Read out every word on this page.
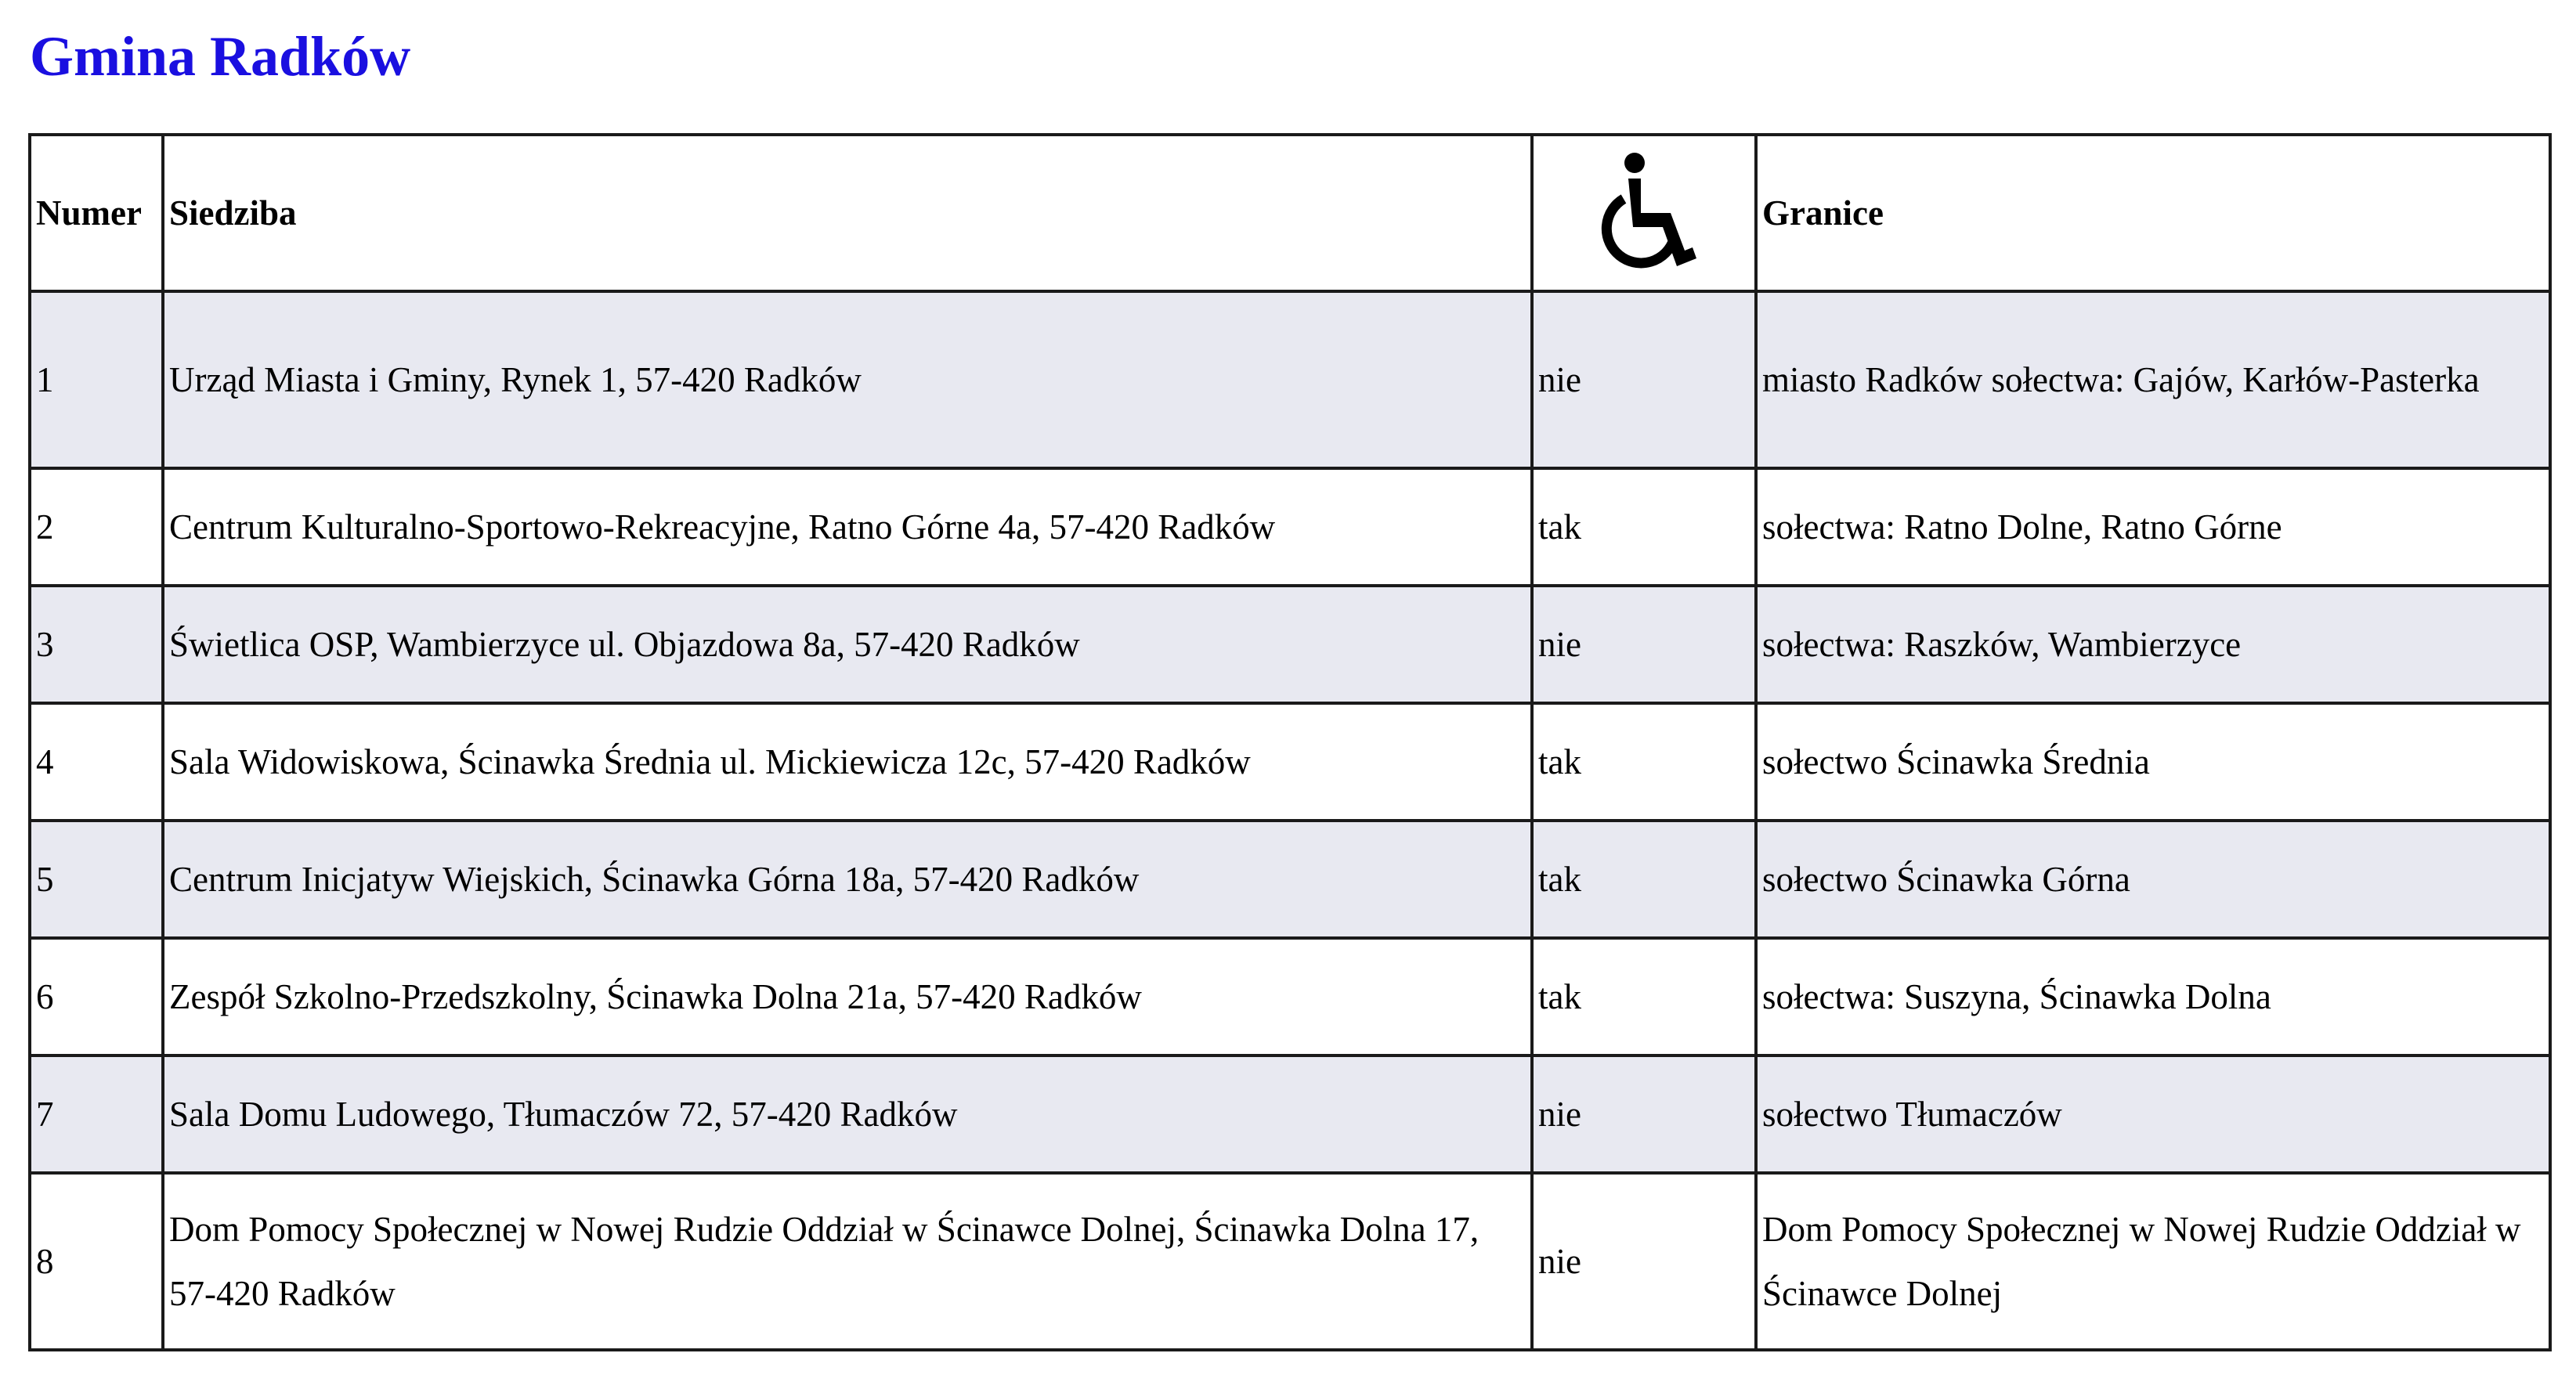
Gmina Radków
Numer	Siedziba		Granice
1	Urząd Miasta i Gminy, Rynek 1, 57-420 Radków	nie	miasto Radków sołectwa: Gajów, Karłów-Pasterka
2	Centrum Kulturalno-Sportowo-Rekreacyjne, Ratno Górne 4a, 57-420 Radków	tak	sołectwa: Ratno Dolne, Ratno Górne
3	Świetlica OSP, Wambierzyce ul. Objazdowa 8a, 57-420 Radków	nie	sołectwa: Raszków, Wambierzyce
4	Sala Widowiskowa, Ścinawka Średnia ul. Mickiewicza 12c, 57-420 Radków	tak	sołectwo Ścinawka Średnia
5	Centrum Inicjatyw Wiejskich, Ścinawka Górna 18a, 57-420 Radków	tak	sołectwo Ścinawka Górna
6	Zespół Szkolno-Przedszkolny, Ścinawka Dolna 21a, 57-420 Radków	tak	sołectwa: Suszyna, Ścinawka Dolna
7	Sala Domu Ludowego, Tłumaczów 72, 57-420 Radków	nie	sołectwo Tłumaczów
8	Dom Pomocy Społecznej w Nowej Rudzie Oddział w Ścinawce Dolnej, Ścinawka Dolna 17, 57-420 Radków	nie	Dom Pomocy Społecznej w Nowej Rudzie Oddział w Ścinawce Dolnej
